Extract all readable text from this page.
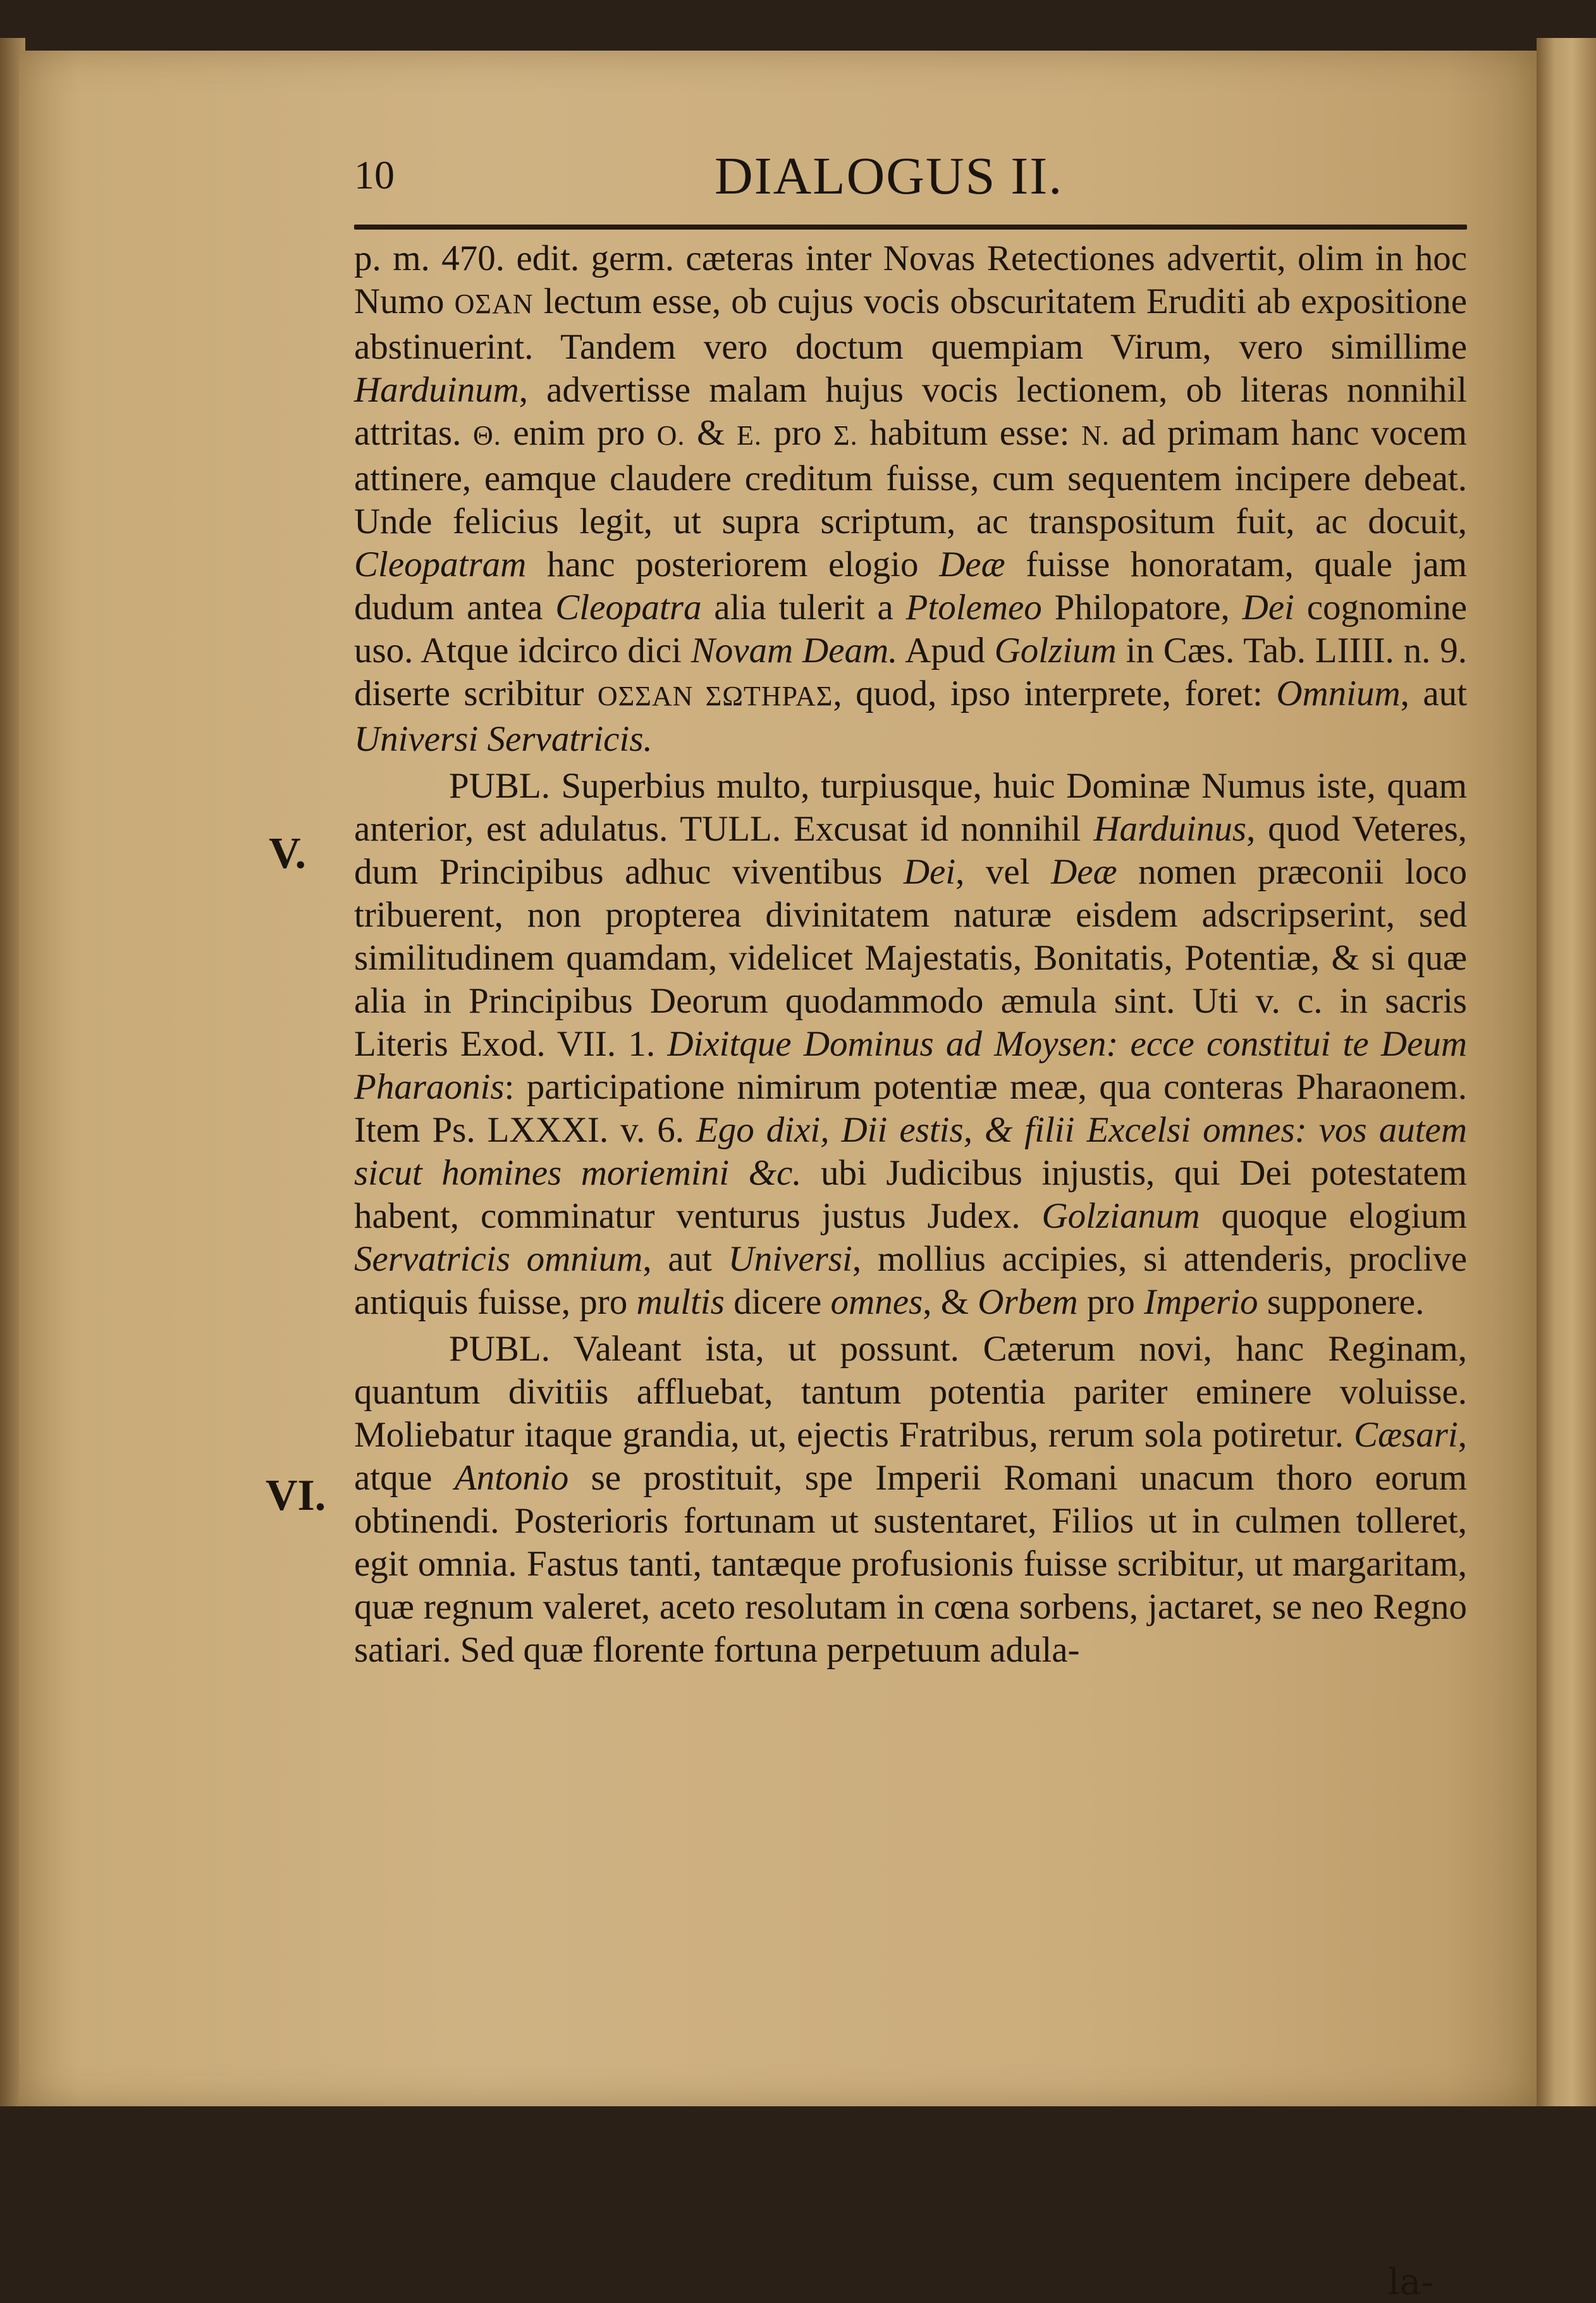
10	DIALOGUS II.
V.
VI.

p. m. 470. edit. germ. cæteras inter Novas Retectiones advertit, olim in hoc Numo ΟΣΑΝ lectum esse, ob cujus vocis obscuritatem Eruditi ab expositione abstinuerint. Tandem vero doctum quempiam Virum, vero simillime Harduinum, advertisse malam hujus vocis lectionem, ob literas nonnihil attritas. Θ. enim pro O. & E. pro Σ. habitum esse: N. ad primam hanc vocem attinere, eamque claudere creditum fuisse, cum sequentem incipere debeat. Unde felicius legit, ut supra scriptum, ac transpositum fuit, ac docuit, Cleopatram hanc posteriorem elogio Deæ fuisse honoratam, quale jam dudum antea Cleopatra alia tulerit a Ptolemeo Philopatore, Dei cognomine uso. Atque idcirco dici Novam Deam. Apud Golzium in Cæs. Tab. LIIII. n. 9. diserte scribitur ΟΣΣΑΝ ΣΩΤΗΡΑΣ, quod, ipso interprete, foret: Omnium, aut Universi Servatricis.

PUBL. Superbius multo, turpiusque, huic Dominæ Numus iste, quam anterior, est adulatus. TULL. Excusat id nonnihil Harduinus, quod Veteres, dum Principibus adhuc viventibus Dei, vel Deæ nomen præconii loco tribuerent, non propterea divinitatem naturæ eisdem adscripserint, sed similitudinem quamdam, videlicet Majestatis, Bonitatis, Potentiæ, & si quæ alia in Principibus Deorum quodammodo æmula sint. Uti v. c. in sacris Literis Exod. VII. 1. Dixitque Dominus ad Moysen: ecce constitui te Deum Pharaonis: participatione nimirum potentiæ meæ, qua conteras Pharaonem. Item Ps. LXXXI. v. 6. Ego dixi, Dii estis, & filii Excelsi omnes: vos autem sicut homines moriemini &c. ubi Judicibus injustis, qui Dei potestatem habent, comminatur venturus justus Judex. Golzianum quoque elogium Servatricis omnium, aut Universi, mollius accipies, si attenderis, proclive antiquis fuisse, pro multis dicere omnes, & Orbem pro Imperio supponere.

PUBL. Valeant ista, ut possunt. Cæterum novi, hanc Reginam, quantum divitiis affluebat, tantum potentia pariter eminere voluisse. Moliebatur itaque grandia, ut, ejectis Fratribus, rerum sola potiretur. Cæsari, atque Antonio se prostituit, spe Imperii Romani unacum thoro eorum obtinendi. Posterioris fortunam ut sustentaret, Filios ut in culmen tolleret, egit omnia. Fastus tanti, tantæque profusionis fuisse scribitur, ut margaritam, quæ regnum valeret, aceto resolutam in cœna sorbens, jactaret, se neo Regno satiari. Sed quæ florente fortuna perpetuum adula-

la-
